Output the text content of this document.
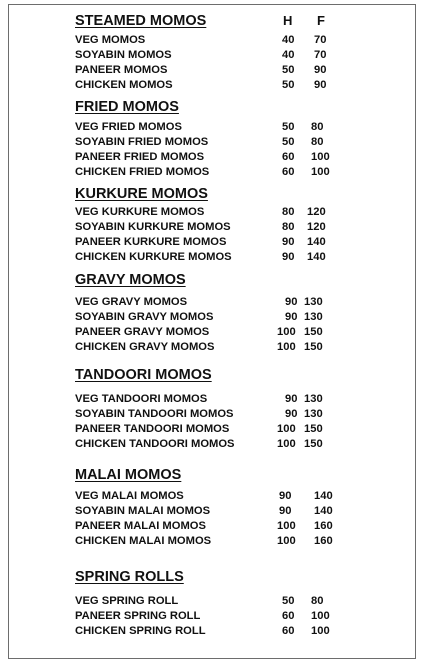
H F
STEAMED MOMOS
VEG MOMOS	40 70
SOYABIN MOMOS	40 70
PANEER MOMOS	50 90
CHICKEN MOMOS	50 90
FRIED MOMOS
VEG FRIED MOMOS	50 80
SOYABIN FRIED MOMOS	50 80
PANEER FRIED MOMOS	60 100
CHICKEN FRIED MOMOS	60 100
KURKURE MOMOS
VEG KURKURE MOMOS	80 120
SOYABIN KURKURE MOMOS	80 120
PANEER KURKURE MOMOS	90 140
CHICKEN KURKURE MOMOS	90 140
GRAVY MOMOS
VEG GRAVY MOMOS	90 130
SOYABIN GRAVY MOMOS	90 130
PANEER GRAVY MOMOS	100 150
CHICKEN GRAVY MOMOS	100 150
TANDOORI MOMOS
VEG TANDOORI MOMOS	90 130
SOYABIN TANDOORI MOMOS	90 130
PANEER TANDOORI MOMOS	100 150
CHICKEN TANDOORI MOMOS	100 150
MALAI MOMOS
VEG MALAI MOMOS	90 140
SOYABIN MALAI MOMOS	90 140
PANEER MALAI MOMOS	100 160
CHICKEN MALAI MOMOS	100 160
SPRING ROLLS
VEG SPRING ROLL	50 80
PANEER SPRING ROLL	60 100
CHICKEN SPRING ROLL	60 100
